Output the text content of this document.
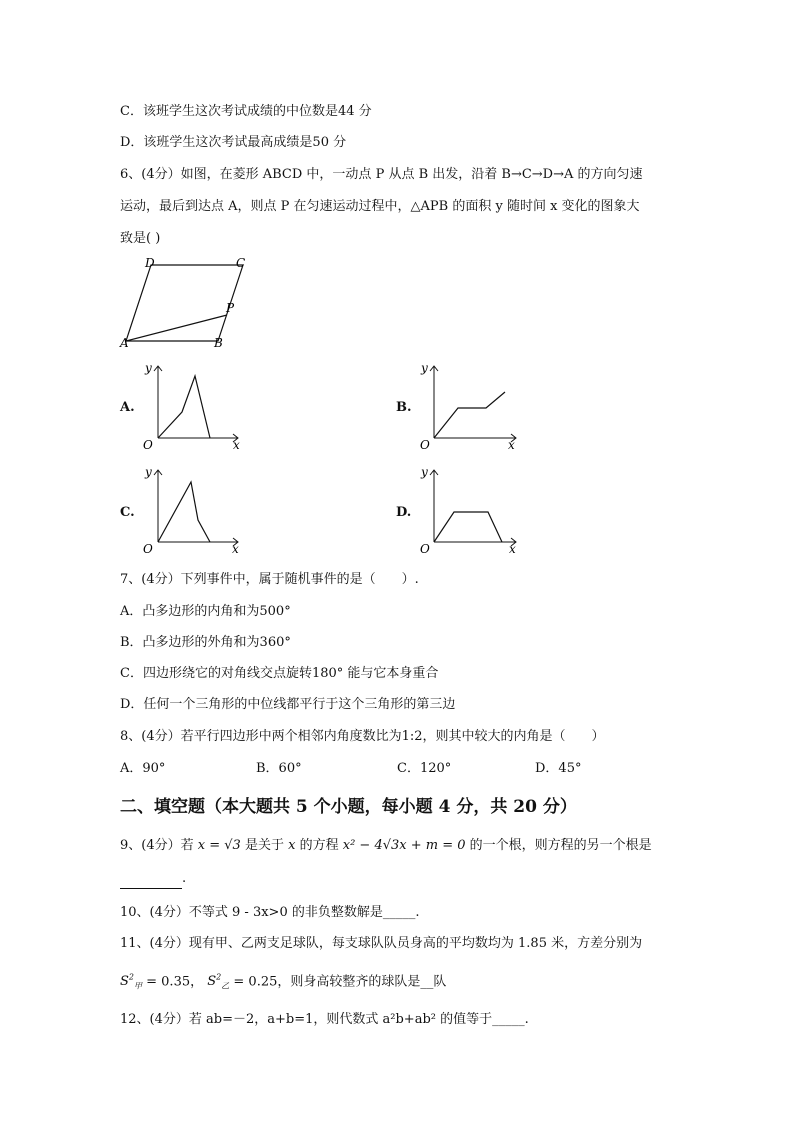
C．该班学生这次考试成绩的中位数是44 分
D．该班学生这次考试最高成绩是50 分
6、(4分）如图，在菱形 ABCD 中，一动点 P 从点 B 出发，沿着 B→C→D→A 的方向匀速
运动，最后到达点 A，则点 P 在匀速运动过程中，△APB 的面积 y 随时间 x 变化的图象大
致是( )
D	C
P
A	B
A.
y
x
O
B.
y
x
O
C.
y
x
O
D.
y
x
O
7、(4分）下列事件中，属于随机事件的是（　　）.
A．凸多边形的内角和为500°
B．凸多边形的外角和为360°
C．四边形绕它的对角线交点旋转180° 能与它本身重合
D．任何一个三角形的中位线都平行于这个三角形的第三边
8、(4分）若平行四边形中两个相邻内角度数比为1:2，则其中较大的内角是（　　）
A．90°	B．60°	C．120°	D．45°
二、填空题（本大题共 5 个小题，每小题 4 分，共 20 分）
9、(4分）若 x = √3 是关于 x 的方程 x² − 4√3x + m = 0 的一个根，则方程的另一个根是
.
10、(4分）不等式 9 - 3x>0 的非负整数解是_____.
11、(4分）现有甲、乙两支足球队，每支球队队员身高的平均数均为 1.85 米，方差分别为
$S^2_甲 = 0.35$， $S^2_乙 = 0.25$，则身高较整齐的球队是__队
12、(4分）若 ab=－2，a+b=1，则代数式 a²b+ab² 的值等于_____.
